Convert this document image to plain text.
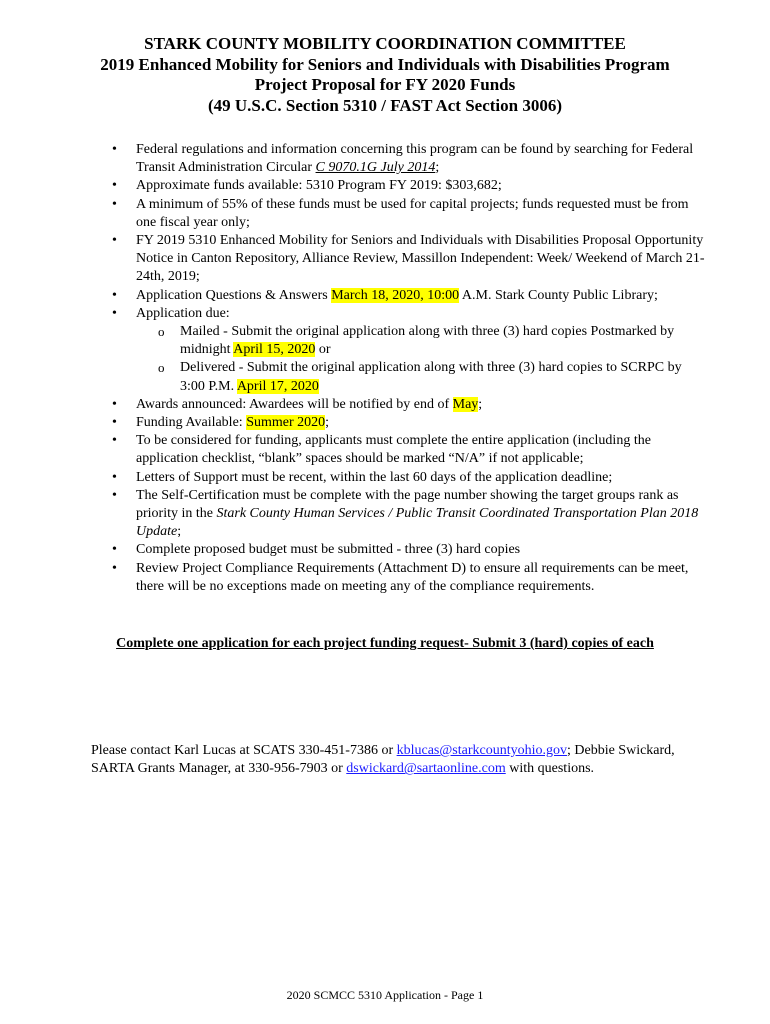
STARK COUNTY MOBILITY COORDINATION COMMITTEE
2019 Enhanced Mobility for Seniors and Individuals with Disabilities Program
Project Proposal for FY 2020 Funds
(49 U.S.C. Section 5310 / FAST Act Section 3006)
• Federal regulations and information concerning this program can be found by searching for Federal Transit Administration Circular C 9070.1G July 2014;
• Approximate funds available: 5310 Program FY 2019: $303,682;
• A minimum of 55% of these funds must be used for capital projects; funds requested must be from one fiscal year only;
• FY 2019 5310 Enhanced Mobility for Seniors and Individuals with Disabilities Proposal Opportunity Notice in Canton Repository, Alliance Review, Massillon Independent: Week/ Weekend of March 21-24th, 2019;
• Application Questions & Answers March 18, 2020, 10:00 A.M. Stark County Public Library;
• Application due:
o Mailed - Submit the original application along with three (3) hard copies Postmarked by midnight April 15, 2020 or
o Delivered - Submit the original application along with three (3) hard copies to SCRPC by 3:00 P.M. April 17, 2020
• Awards announced: Awardees will be notified by end of May;
• Funding Available: Summer 2020;
• To be considered for funding, applicants must complete the entire application (including the application checklist, “blank” spaces should be marked “N/A” if not applicable;
• Letters of Support must be recent, within the last 60 days of the application deadline;
• The Self-Certification must be complete with the page number showing the target groups rank as priority in the Stark County Human Services / Public Transit Coordinated Transportation Plan 2018 Update;
• Complete proposed budget must be submitted - three (3) hard copies
• Review Project Compliance Requirements (Attachment D) to ensure all requirements can be meet, there will be no exceptions made on meeting any of the compliance requirements.
Complete one application for each project funding request- Submit 3 (hard) copies of each
Please contact Karl Lucas at SCATS 330-451-7386 or kblucas@starkcountyohio.gov; Debbie Swickard, SARTA Grants Manager, at 330-956-7903 or dswickard@sartaonline.com with questions.
2020 SCMCC 5310 Application - Page 1
